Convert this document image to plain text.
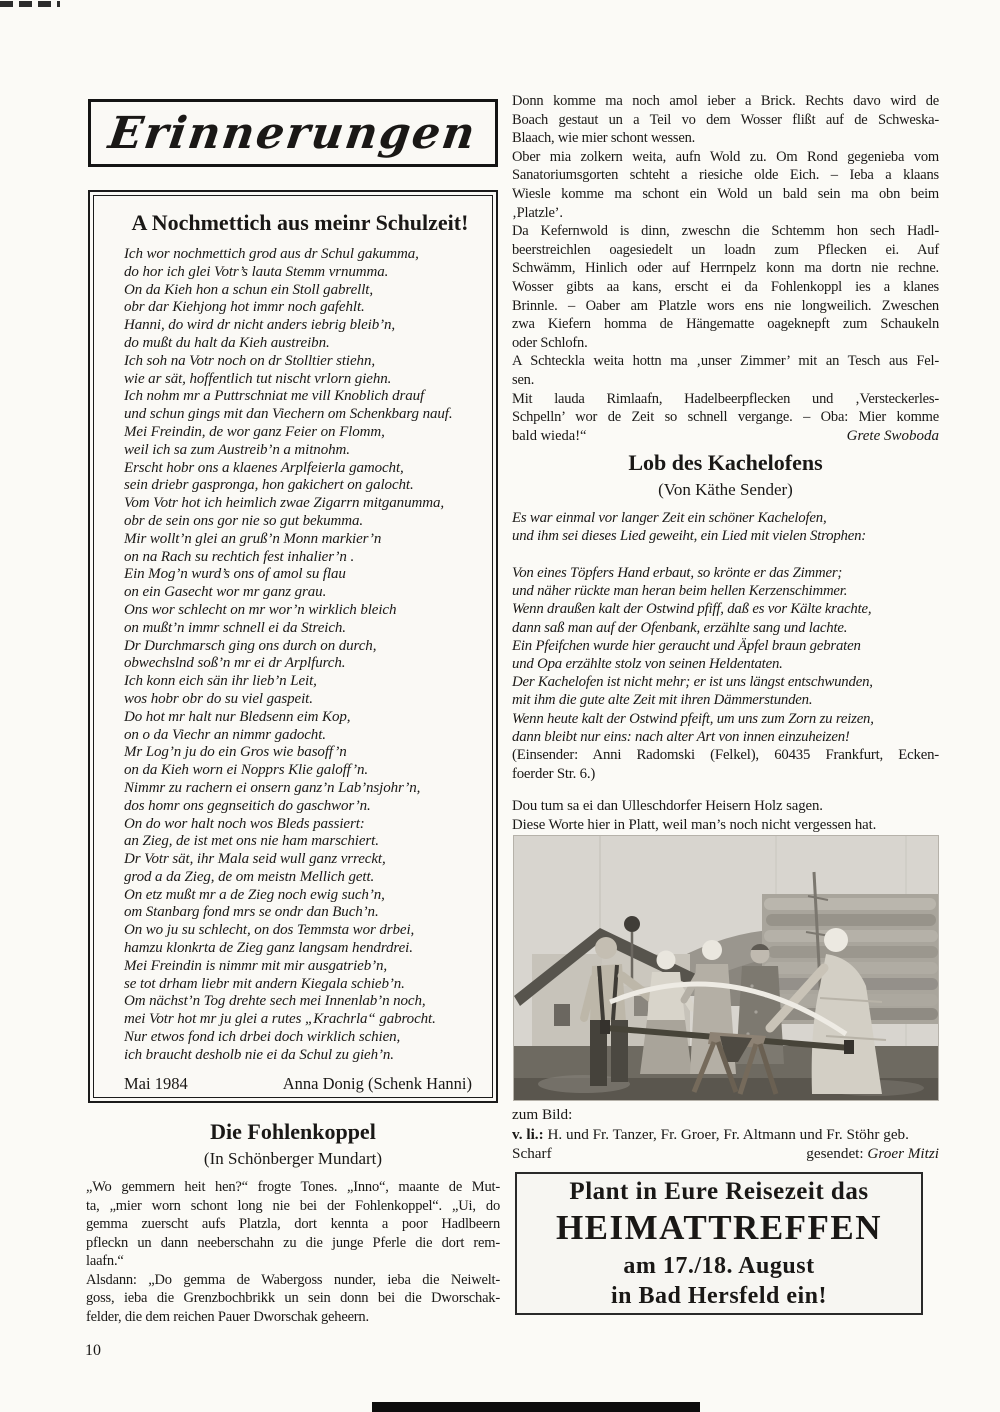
Erinnerungen
A Nochmettich aus meinr Schulzeit!
Ich wor nochmettich grod aus dr Schul gakumma,
do hor ich glei Votr’s lauta Stemm vrnumma.
On da Kieh hon a schun ein Stoll gabrellt,
obr dar Kiehjong hot immr noch gafehlt.
Hanni, do wird dr nicht anders iebrig bleib’n,
do mußt du halt da Kieh austreibn.
Ich soh na Votr noch on dr Stolltier stiehn,
wie ar sät, hoffentlich tut nischt vrlorn giehn.
Ich nohm mr a Puttrschniat me vill Knoblich drauf
und schun gings mit dan Viechern om Schenkbarg nauf.
Mei Freindin, de wor ganz Feier on Flomm,
weil ich sa zum Austreib’n a mitnohm.
Erscht hobr ons a klaenes Arplfeierla gamocht,
sein driebr gaspronga, hon gakichert on galocht.
Vom Votr hot ich heimlich zwae Zigarrn mitganumma,
obr de sein ons gor nie so gut bekumma.
Mir wollt’n glei an gruß’n Monn markier’n
on na Rach su rechtich fest inhalier’n .
Ein Mog’n wurd’s ons of amol su flau
on ein Gasecht wor mr ganz grau.
Ons wor schlecht on mr wor’n wirklich bleich
on mußt’n immr schnell ei da Streich.
Dr Durchmarsch ging ons durch on durch,
obwechslnd soß’n mr ei dr Arplfurch.
Ich konn eich sän ihr lieb’n Leit,
wos hobr obr do su viel gaspeit.
Do hot mr halt nur Bledsenn eim Kop,
on o da Viechr an nimmr gadocht.
Mr Log’n ju do ein Gros wie basoff’n
on da Kieh worn ei Nopprs Klie galoff’n.
Nimmr zu rachern ei onsern ganz’n Lab’nsjohr’n,
dos homr ons gegnseitich do gaschwor’n.
On do wor halt noch wos Bleds passiert:
an Zieg, de ist met ons nie ham marschiert.
Dr Votr sät, ihr Mala seid wull ganz vrreckt,
grod a da Zieg, de om meistn Mellich gett.
On etz mußt mr a de Zieg noch ewig such’n,
om Stanbarg fond mrs se ondr dan Buch’n.
On wo ju su schlecht, on dos Temmsta wor drbei,
hamzu klonkrta de Zieg ganz langsam hendrdrei.
Mei Freindin is nimmr mit mir ausgatrieb’n,
se tot drham liebr mit andern Kiegala schieb’n.
Om nächst’n Tog drehte sech mei Innenlab’n noch,
mei Votr hot mr ju glei a rutes „Krachrla“ gabrocht.
Nur etwos fond ich drbei doch wirklich schien,
ich braucht desholb nie ei da Schul zu gieh’n.
Mai 1984	Anna Donig (Schenk Hanni)
Die Fohlenkoppel
(In Schönberger Mundart)
„Wo gemmern heit hen?“ frogte Tones. „Inno“, maante de Mut-
ta, „mier worn schont long nie bei der Fohlenkoppel“. „Ui, do
gemma zuerscht aufs Platzla, dort kennta a poor Hadlbeern
pfleckn un dann neeberschahn zu die junge Pferle die dort rem-
laafn.“
Alsdann: „Do gemma de Wabergoss nunder, ieba die Neiwelt-
goss, ieba die Grenzbochbrikk un sein donn bei die Dworschak-
felder, die dem reichen Pauer Dworschak geheern.
Donn komme ma noch amol ieber a Brick. Rechts davo wird de
Boach gestaut un a Teil vo dem Wosser flißt auf de Schweska-
Blaach, wie mier schont wessen.
Ober mia zolkern weita, aufn Wold zu. Om Rond gegenieba vom
Sanatoriumsgorten schteht a riesiche olde Eich. – Ieba a klaans
Wiesle komme ma schont ein Wold un bald sein ma obn beim
‚Platzle’.
Da Kefernwold is dinn, zweschn die Schtemm hon sech Hadl-
beerstreichlen oagesiedelt un loadn zum Pflecken ei. Auf
Schwämm, Hinlich oder auf Herrnpelz konn ma dortn nie rechne.
Wosser gibts aa kans, erscht ei da Fohlenkoppl ies a klanes
Brinnle. – Oaber am Platzle wors ens nie longweilich. Zweschen
zwa Kiefern homma de Hängematte oageknepft zum Schaukeln
oder Schlofn.
A Schteckla weita hottn ma ‚unser Zimmer’ mit an Tesch aus Fel-
sen.
Mit lauda Rimlaafn, Hadelbeerpflecken und ‚Versteckerles-
Schpelln’ wor de Zeit so schnell vergange. – Oba: Mier komme
bald wieda!“	Grete Swoboda
Lob des Kachelofens
(Von Käthe Sender)
Es war einmal vor langer Zeit ein schöner Kachelofen,
und ihm sei dieses Lied geweiht, ein Lied mit vielen Strophen:

Von eines Töpfers Hand erbaut, so krönte er das Zimmer;
und näher rückte man heran beim hellen Kerzenschimmer.
Wenn draußen kalt der Ostwind pfiff, daß es vor Kälte krachte,
dann saß man auf der Ofenbank, erzählte sang und lachte.
Ein Pfeifchen wurde hier geraucht und Äpfel braun gebraten
und Opa erzählte stolz von seinen Heldentaten.
Der Kachelofen ist nicht mehr; er ist uns längst entschwunden,
mit ihm die gute alte Zeit mit ihren Dämmerstunden.
Wenn heute kalt der Ostwind pfeift, um uns zum Zorn zu reizen,
dann bleibt nur eins: nach alter Art von innen einzuheizen!
(Einsender: Anni Radomski (Felkel), 60435 Frankfurt, Ecken-
foerder Str. 6.)
Dou tum sa ei dan Ulleschdorfer Heisern Holz sagen.
Diese Worte hier in Platt, weil man’s noch nicht vergessen hat.
zum Bild:
v. li.: H. und Fr. Tanzer, Fr. Groer, Fr. Altmann und Fr. Stöhr geb.
Scharf	gesendet: Groer Mitzi
Plant in Eure Reisezeit das
HEIMATTREFFEN
am 17./18. August
in Bad Hersfeld ein!
10
